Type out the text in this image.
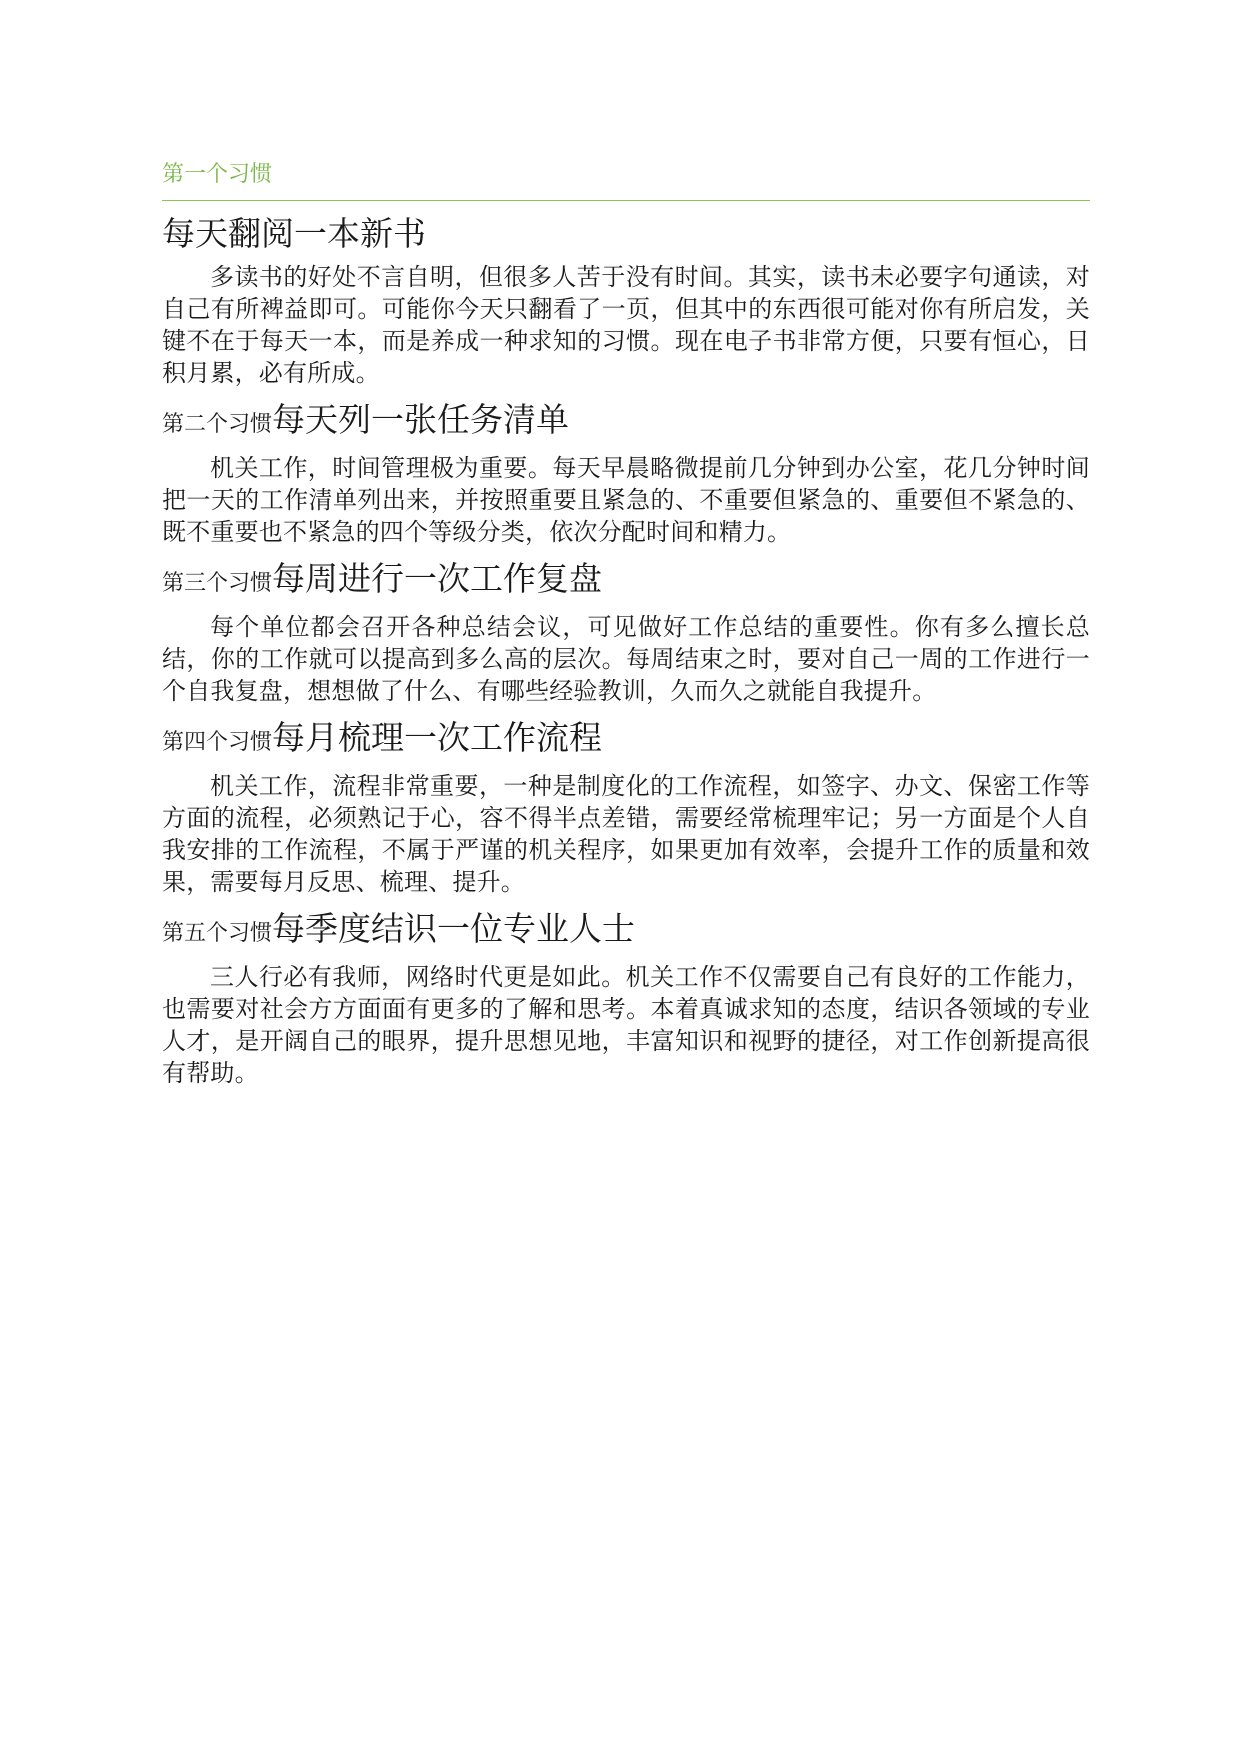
第一个习惯

每天翻阅一本新书

多读书的好处不言自明，但很多人苦于没有时间。其实，读书未必要字句通读，对自己有所裨益即可。可能你今天只翻看了一页，但其中的东西很可能对你有所启发，关键不在于每天一本，而是养成一种求知的习惯。现在电子书非常方便，只要有恒心，日积月累，必有所成。

第二个习惯每天列一张任务清单

机关工作，时间管理极为重要。每天早晨略微提前几分钟到办公室，花几分钟时间把一天的工作清单列出来，并按照重要且紧急的、不重要但紧急的、重要但不紧急的、既不重要也不紧急的四个等级分类，依次分配时间和精力。

第三个习惯每周进行一次工作复盘

每个单位都会召开各种总结会议，可见做好工作总结的重要性。你有多么擅长总结，你的工作就可以提高到多么高的层次。每周结束之时，要对自己一周的工作进行一个自我复盘，想想做了什么、有哪些经验教训，久而久之就能自我提升。

第四个习惯每月梳理一次工作流程

机关工作，流程非常重要，一种是制度化的工作流程，如签字、办文、保密工作等方面的流程，必须熟记于心，容不得半点差错，需要经常梳理牢记；另一方面是个人自我安排的工作流程，不属于严谨的机关程序，如果更加有效率，会提升工作的质量和效果，需要每月反思、梳理、提升。

第五个习惯每季度结识一位专业人士

三人行必有我师，网络时代更是如此。机关工作不仅需要自己有良好的工作能力，也需要对社会方方面面有更多的了解和思考。本着真诚求知的态度，结识各领域的专业人才，是开阔自己的眼界，提升思想见地，丰富知识和视野的捷径，对工作创新提高很有帮助。
